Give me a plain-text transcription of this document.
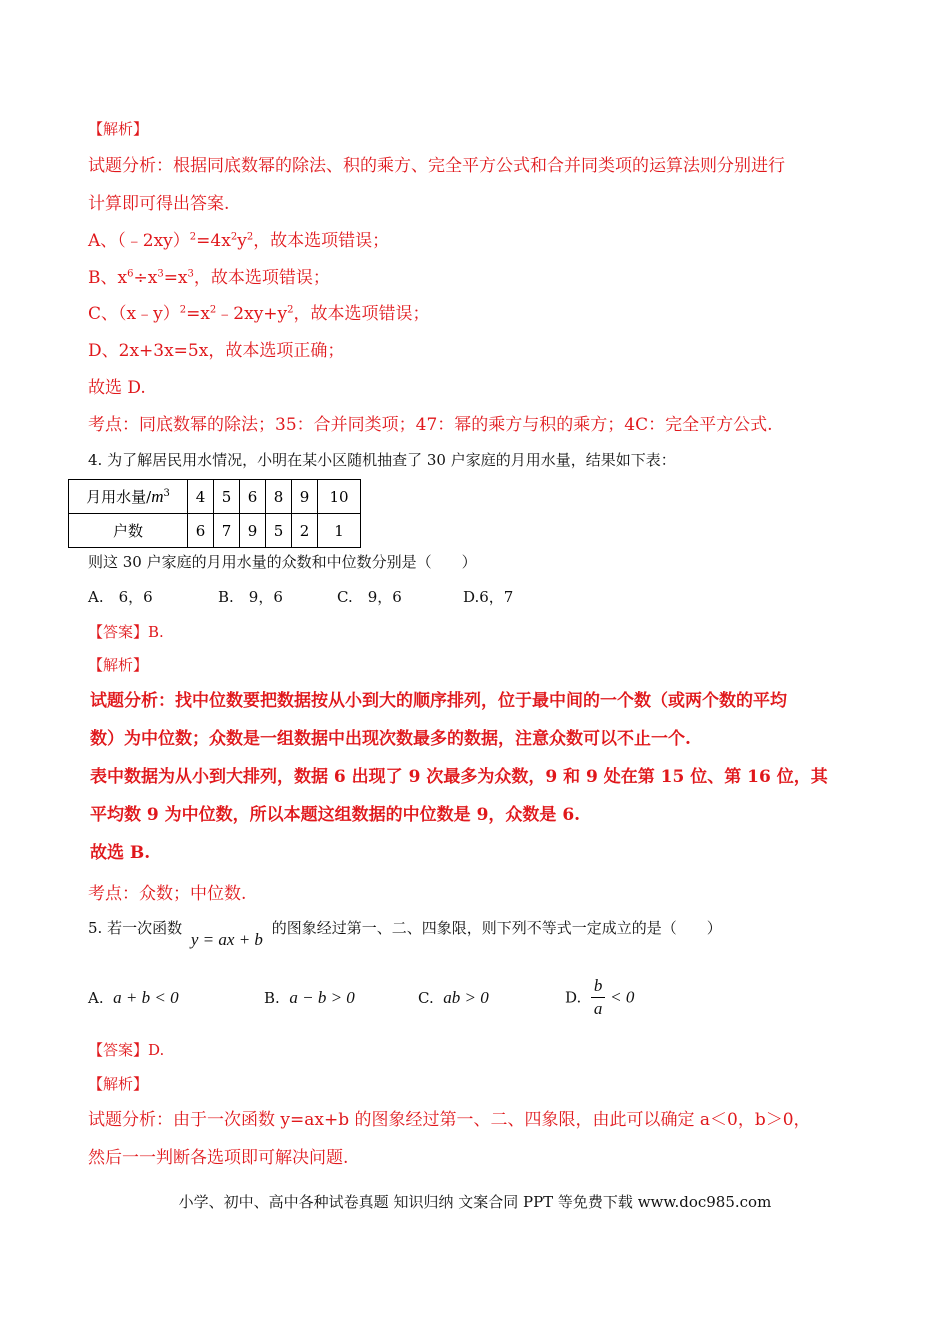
【解析】
试题分析：根据同底数幂的除法、积的乘方、完全平方公式和合并同类项的运算法则分别进行
计算即可得出答案.
A、$(﹣2xy)^2=4x^2y^2$，故本选项错误；
B、$x^6\div x^3=x^3$，故本选项错误；
C、$(x﹣y)^2=x^2﹣2xy+y^2$，故本选项错误；
D、2x+3x=5x，故本选项正确；
故选 D.
考点：同底数幂的除法；35：合并同类项；47：幂的乘方与积的乘方；4C：完全平方公式.
4. 为了解居民用水情况，小明在某小区随机抽查了 30 户家庭的月用水量，结果如下表：
月用水量$/m^3$	4	5	6	8	9	10
户数	6	7	9	5	2	1
则这 30 户家庭的月用水量的众数和中位数分别是（　　）
A.　6，6	B.　9，6	C.　9，6	D.6，7
【答案】B.
【解析】
试题分析：找中位数要把数据按从小到大的顺序排列，位于最中间的一个数（或两个数的平均
数）为中位数；众数是一组数据中出现次数最多的数据，注意众数可以不止一个.
表中数据为从小到大排列，数据 6 出现了 9 次最多为众数，9 和 9 处在第 15 位、第 16 位，其
平均数 9 为中位数，所以本题这组数据的中位数是 9，众数是 6.
故选 B.
考点：众数；中位数.
5. 若一次函数 y = ax + b 的图象经过第一、二、四象限，则下列不等式一定成立的是（　　）
A. a + b < 0	B. a − b > 0	C. ab > 0	D. $\frac{b}{a} < 0$
【答案】D.
【解析】
试题分析：由于一次函数 y=ax+b 的图象经过第一、二、四象限，由此可以确定 a＜0，b＞0，
然后一一判断各选项即可解决问题.
小学、初中、高中各种试卷真题 知识归纳 文案合同 PPT 等免费下载 www.doc985.com
